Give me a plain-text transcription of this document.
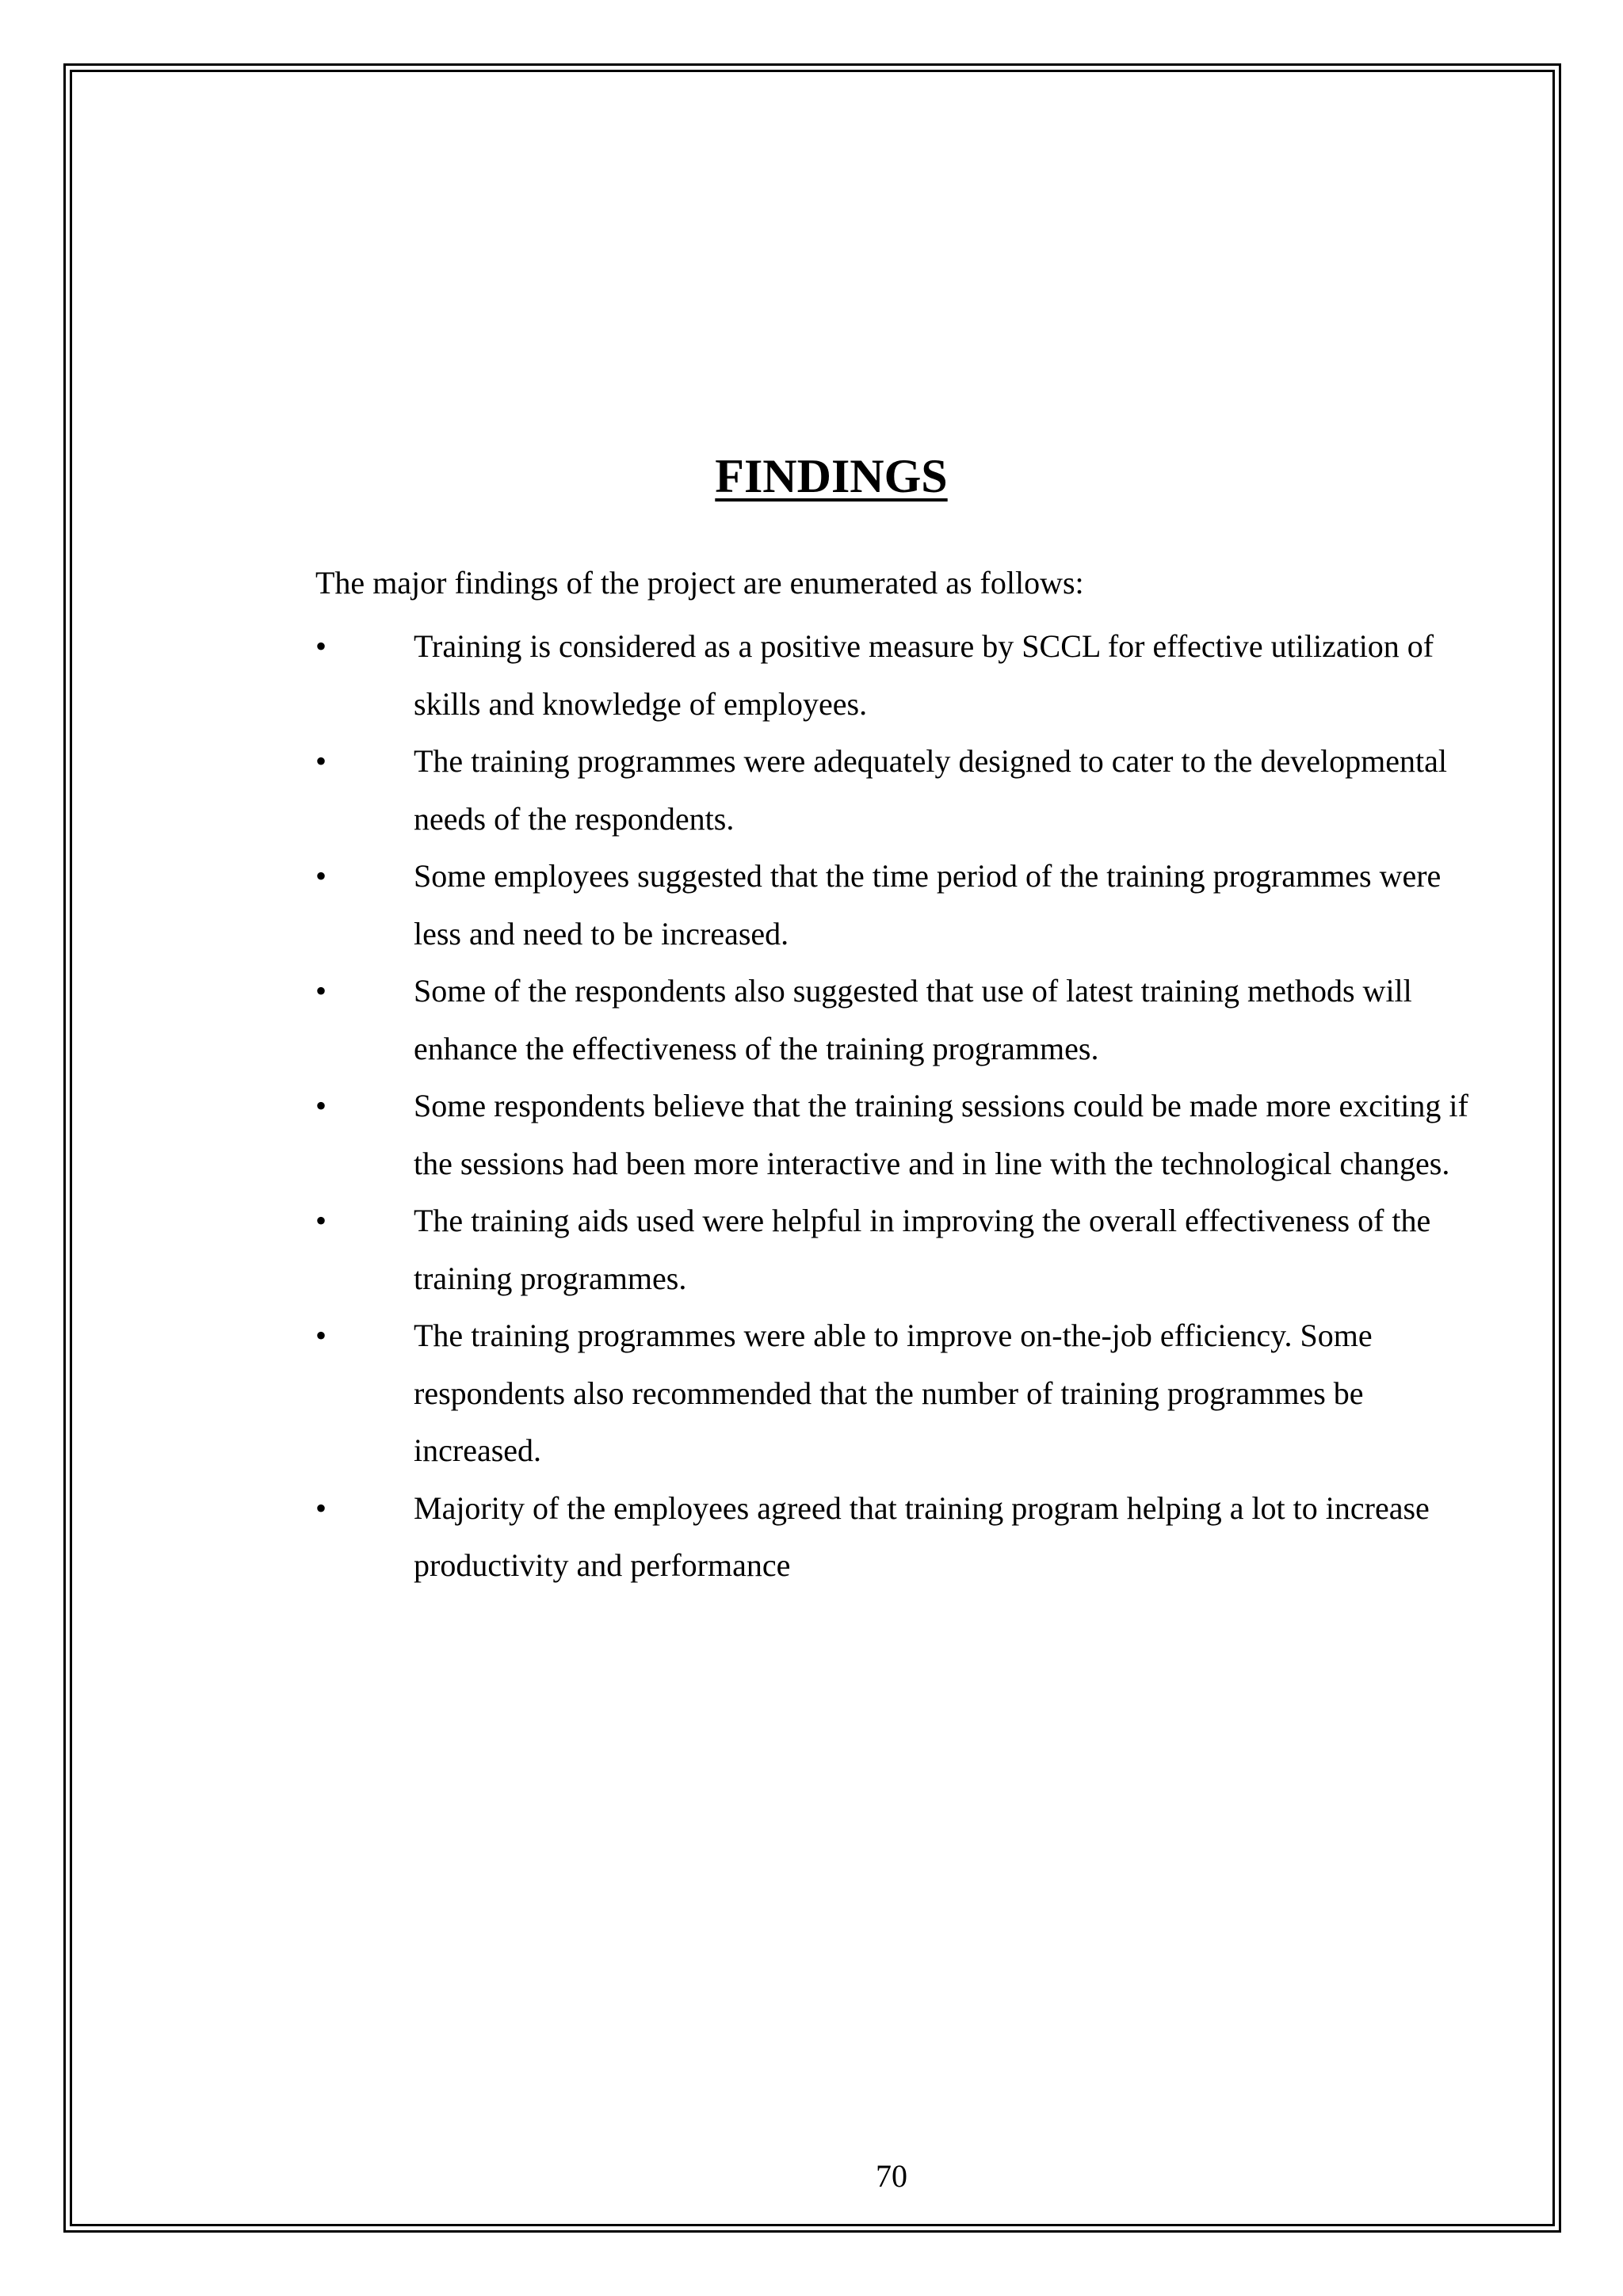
FINDINGS

The major findings of the project are enumerated as follows:

•	Training is considered as a positive measure by SCCL for effective utilization of skills and knowledge of employees.
•	The training programmes were adequately designed to cater to the developmental needs of the respondents.
•	Some employees suggested that the time period of the training programmes were less and need to be increased.
•	Some of the respondents also suggested that use of latest training methods will enhance the effectiveness of the training programmes.
•	Some respondents believe that the training sessions could be made more exciting if the sessions had been more interactive and in line with the technological changes.
•	The training aids used were helpful in improving the overall effectiveness of the training programmes.
•	The training programmes were able to improve on-the-job efficiency. Some respondents also recommended that the number of training programmes be increased.
•	Majority of the employees agreed that training program helping a lot to increase productivity and performance

70
